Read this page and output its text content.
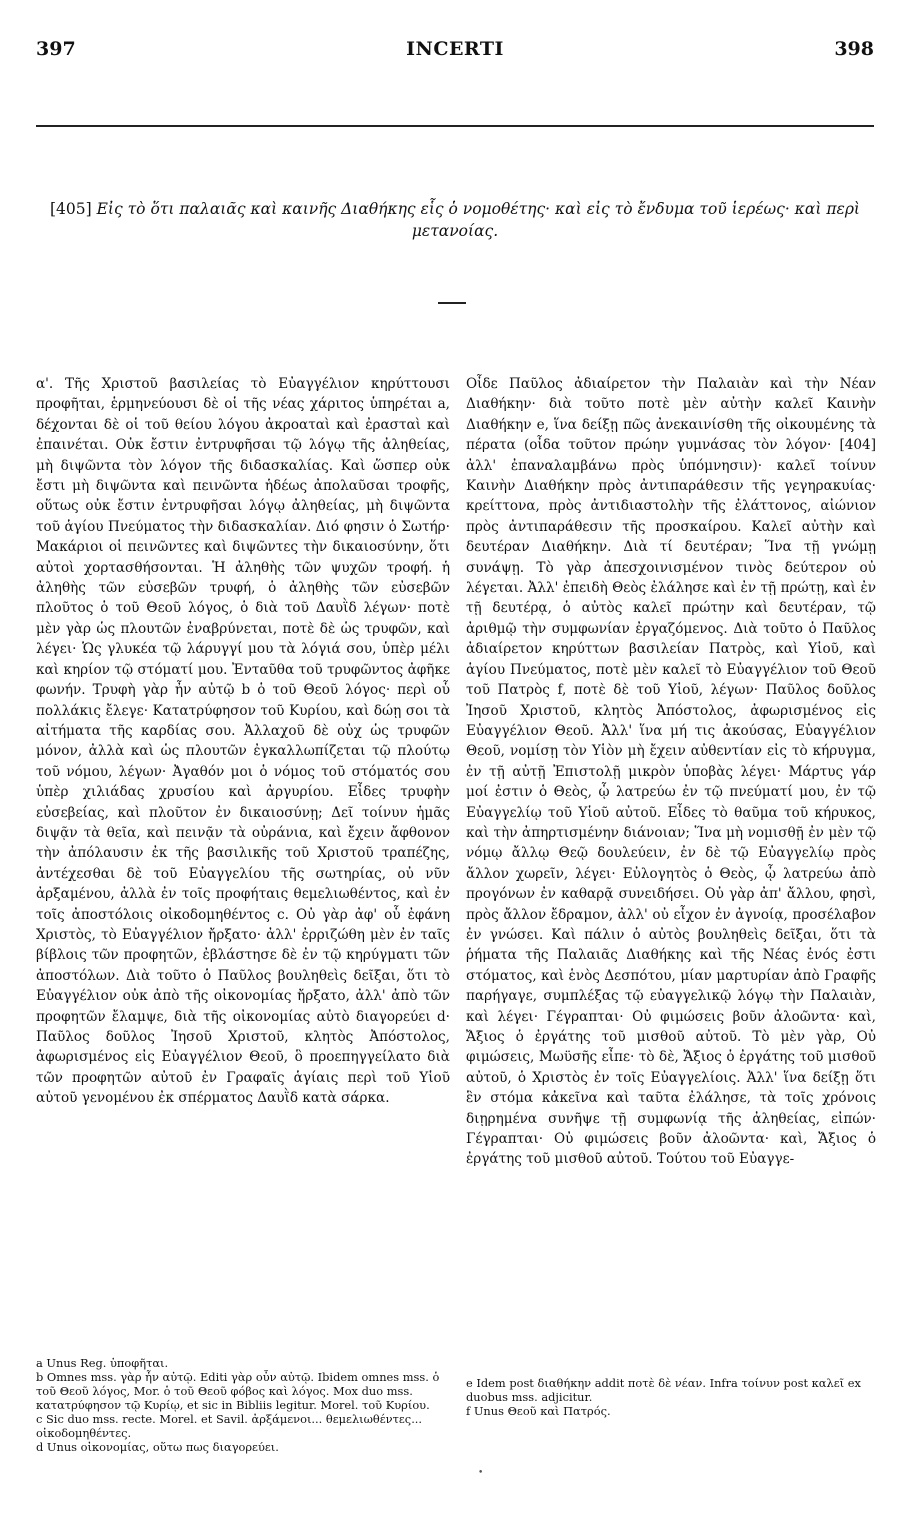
397	INCERTI	398
[405] Εἰς τὸ ὅτι παλαιᾶς καὶ καινῆς Διαθήκης εἷς ὁ νομοθέτης· καὶ εἰς τὸ ἔνδυμα τοῦ ἱερέως· καὶ περὶ μετανοίας.

α'. Τῆς Χριστοῦ βασιλείας τὸ Εὐαγγέλιον κηρύττουσι προφῆται, ἑρμηνεύουσι δὲ οἱ τῆς νέας χάριτος ὑπηρέται a, δέχονται δὲ οἱ τοῦ θείου λόγου ἀκροαταὶ καὶ ἐρασταὶ καὶ ἐπαινέται. Οὐκ ἔστιν ἐντρυφῆσαι τῷ λόγῳ τῆς ἀληθείας, μὴ διψῶντα τὸν λόγον τῆς διδασκαλίας. Καὶ ὥσπερ οὐκ ἔστι μὴ διψῶντα καὶ πεινῶντα ἡδέως ἀπολαῦσαι τροφῆς, οὕτως οὐκ ἔστιν ἐντρυφῆσαι λόγῳ ἀληθείας, μὴ διψῶντα τοῦ ἁγίου Πνεύματος τὴν διδασκαλίαν. Διό φησιν ὁ Σωτήρ· Μακάριοι οἱ πεινῶντες καὶ διψῶντες τὴν δικαιοσύνην, ὅτι αὐτοὶ χορτασθήσονται. Ἡ ἀληθὴς τῶν ψυχῶν τροφή. ἡ ἀληθὴς τῶν εὐσεβῶν τρυφή, ὁ ἀληθὴς τῶν εὐσεβῶν πλοῦτος ὁ τοῦ Θεοῦ λόγος, ὁ διὰ τοῦ Δαυῒδ λέγων· ποτὲ μὲν γὰρ ὡς πλουτῶν ἐναβρύνεται, ποτὲ δὲ ὡς τρυφῶν, καὶ λέγει· Ὡς γλυκέα τῷ λάρυγγί μου τὰ λόγιά σου, ὑπὲρ μέλι καὶ κηρίον τῷ στόματί μου. Ἐνταῦθα τοῦ τρυφῶντος ἀφῆκε φωνήν. Τρυφὴ γὰρ ἦν αὐτῷ b ὁ τοῦ Θεοῦ λόγος· περὶ οὗ πολλάκις ἔλεγε· Κατατρύφησον τοῦ Κυρίου, καὶ δώῃ σοι τὰ αἰτήματα τῆς καρδίας σου. Ἀλλαχοῦ δὲ οὐχ ὡς τρυφῶν μόνον, ἀλλὰ καὶ ὡς πλουτῶν ἐγκαλλωπίζεται τῷ πλούτῳ τοῦ νόμου, λέγων· Ἀγαθόν μοι ὁ νόμος τοῦ στόματός σου ὑπὲρ χιλιάδας χρυσίου καὶ ἀργυρίου. Εἶδες τρυφὴν εὐσεβείας, καὶ πλοῦτον ἐν δικαιοσύνῃ; Δεῖ τοίνυν ἡμᾶς διψᾷν τὰ θεῖα, καὶ πεινᾷν τὰ οὐράνια, καὶ ἔχειν ἄφθονον τὴν ἀπόλαυσιν ἐκ τῆς βασιλικῆς τοῦ Χριστοῦ τραπέζης, ἀντέχεσθαι δὲ τοῦ Εὐαγγελίου τῆς σωτηρίας, οὐ νῦν ἀρξαμένου, ἀλλὰ ἐν τοῖς προφήταις θεμελιωθέντος, καὶ ἐν τοῖς ἀποστόλοις οἰκοδομηθέντος c. Οὐ γὰρ ἀφ' οὗ ἐφάνη Χριστὸς, τὸ Εὐαγγέλιον ἤρξατο· ἀλλ' ἐρριζώθη μὲν ἐν ταῖς βίβλοις τῶν προφητῶν, ἐβλάστησε δὲ ἐν τῷ κηρύγματι τῶν ἀποστόλων. Διὰ τοῦτο ὁ Παῦλος βουληθεὶς δεῖξαι, ὅτι τὸ Εὐαγγέλιον οὐκ ἀπὸ τῆς οἰκονομίας ἤρξατο, ἀλλ' ἀπὸ τῶν προφητῶν ἔλαμψε, διὰ τῆς οἰκονομίας αὐτὸ διαγορεύει d· Παῦλος δοῦλος Ἰησοῦ Χριστοῦ, κλητὸς Ἀπόστολος, ἀφωρισμένος εἰς Εὐαγγέλιον Θεοῦ, ὃ προεπηγγείλατο διὰ τῶν προφητῶν αὐτοῦ ἐν Γραφαῖς ἁγίαις περὶ τοῦ Υἱοῦ αὐτοῦ γενομένου ἐκ σπέρματος Δαυῒδ κατὰ σάρκα.

Οἶδε Παῦλος ἀδιαίρετον τὴν Παλαιὰν καὶ τὴν Νέαν Διαθήκην· διὰ τοῦτο ποτὲ μὲν αὐτὴν καλεῖ Καινὴν Διαθήκην e, ἵνα δείξῃ πῶς ἀνεκαινίσθη τῆς οἰκουμένης τὰ πέρατα (οἶδα τοῦτον πρώην γυμνάσας τὸν λόγον· [404] ἀλλ' ἐπαναλαμβάνω πρὸς ὑπόμνησιν)· καλεῖ τοίνυν Καινὴν Διαθήκην πρὸς ἀντιπαράθεσιν τῆς γεγηρακυίας· κρείττονα, πρὸς ἀντιδιαστολὴν τῆς ἐλάττονος, αἰώνιον πρὸς ἀντιπαράθεσιν τῆς προσκαίρου. Καλεῖ αὐτὴν καὶ δευτέραν Διαθήκην. Διὰ τί δευτέραν; Ἵνα τῇ γνώμῃ συνάψῃ. Τὸ γὰρ ἀπεσχοινισμένον τινὸς δεύτερον οὐ λέγεται. Ἀλλ' ἐπειδὴ Θεὸς ἐλάλησε καὶ ἐν τῇ πρώτῃ, καὶ ἐν τῇ δευτέρᾳ, ὁ αὐτὸς καλεῖ πρώτην καὶ δευτέραν, τῷ ἀριθμῷ τὴν συμφωνίαν ἐργαζόμενος. Διὰ τοῦτο ὁ Παῦλος ἀδιαίρετον κηρύττων βασιλείαν Πατρὸς, καὶ Υἱοῦ, καὶ ἁγίου Πνεύματος, ποτὲ μὲν καλεῖ τὸ Εὐαγγέλιον τοῦ Θεοῦ τοῦ Πατρὸς f, ποτὲ δὲ τοῦ Υἱοῦ, λέγων· Παῦλος δοῦλος Ἰησοῦ Χριστοῦ, κλητὸς Ἀπόστολος, ἀφωρισμένος εἰς Εὐαγγέλιον Θεοῦ. Ἀλλ' ἵνα μή τις ἀκούσας, Εὐαγγέλιον Θεοῦ, νομίσῃ τὸν Υἱὸν μὴ ἔχειν αὐθεντίαν εἰς τὸ κήρυγμα, ἐν τῇ αὐτῇ Ἐπιστολῇ μικρὸν ὑποβὰς λέγει· Μάρτυς γάρ μοί ἐστιν ὁ Θεὸς, ᾧ λατρεύω ἐν τῷ πνεύματί μου, ἐν τῷ Εὐαγγελίῳ τοῦ Υἱοῦ αὐτοῦ. Εἶδες τὸ θαῦμα τοῦ κήρυκος, καὶ τὴν ἀπηρτισμένην διάνοιαν; Ἵνα μὴ νομισθῇ ἐν μὲν τῷ νόμῳ ἄλλῳ Θεῷ δουλεύειν, ἐν δὲ τῷ Εὐαγγελίῳ πρὸς ἄλλον χωρεῖν, λέγει· Εὐλογητὸς ὁ Θεὸς, ᾧ λατρεύω ἀπὸ προγόνων ἐν καθαρᾷ συνειδήσει. Οὐ γὰρ ἀπ' ἄλλου, φησὶ, πρὸς ἄλλον ἔδραμον, ἀλλ' οὐ εἶχον ἐν ἀγνοίᾳ, προσέλαβον ἐν γνώσει. Καὶ πάλιν ὁ αὐτὸς βουληθεὶς δεῖξαι, ὅτι τὰ ῥήματα τῆς Παλαιᾶς Διαθήκης καὶ τῆς Νέας ἑνός ἐστι στόματος, καὶ ἑνὸς Δεσπότου, μίαν μαρτυρίαν ἀπὸ Γραφῆς παρήγαγε, συμπλέξας τῷ εὐαγγελικῷ λόγῳ τὴν Παλαιὰν, καὶ λέγει· Γέγραπται· Οὐ φιμώσεις βοῦν ἀλοῶντα· καὶ, Ἄξιος ὁ ἐργάτης τοῦ μισθοῦ αὐτοῦ. Τὸ μὲν γὰρ, Οὐ φιμώσεις, Μωϋσῆς εἶπε· τὸ δὲ, Ἄξιος ὁ ἐργάτης τοῦ μισθοῦ αὐτοῦ, ὁ Χριστὸς ἐν τοῖς Εὐαγγελίοις. Ἀλλ' ἵνα δείξῃ ὅτι ἓν στόμα κἀκεῖνα καὶ ταῦτα ἐλάλησε, τὰ τοῖς χρόνοις διῃρημένα συνῆψε τῇ συμφωνίᾳ τῆς ἀληθείας, εἰπών· Γέγραπται· Οὐ φιμώσεις βοῦν ἀλοῶντα· καὶ, Ἄξιος ὁ ἐργάτης τοῦ μισθοῦ αὐτοῦ. Τούτου τοῦ Εὐαγγε-

a Unus Reg. ὑποφῆται.

b Omnes mss. γὰρ ἦν αὐτῷ. Editi γὰρ οὖν αὐτῷ. Ibidem omnes mss. ὁ τοῦ Θεοῦ λόγος, Mor. ὁ τοῦ Θεοῦ φόβος καὶ λόγος. Mox duo mss. κατατρύφησον τῷ Κυρίῳ, et sic in Bibliis legitur. Morel. τοῦ Κυρίου.

c Sic duo mss. recte. Morel. et Savil. ἀρξάμενοι... θεμελιωθέντες... οἰκοδομηθέντες.

d Unus οἰκονομίας, οὕτω πως διαγορεύει.

e Idem post διαθήκην addit ποτὲ δὲ νέαν. Infra τοίνυν post καλεῖ ex duobus mss. adjicitur.

f Unus Θεοῦ καὶ Πατρός.

•
